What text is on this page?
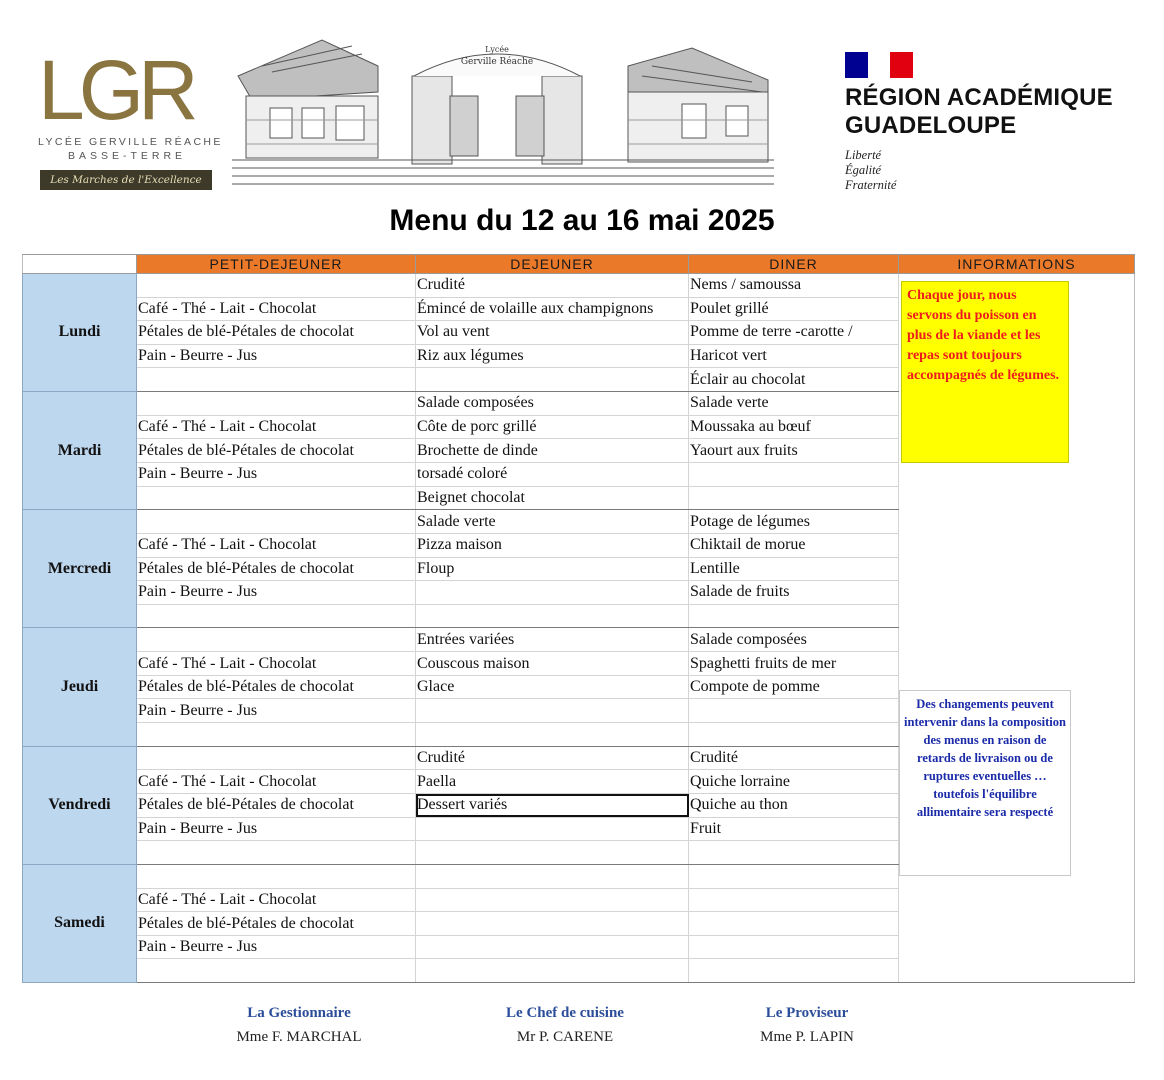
LGR
LYCÉE GERVILLE RÉACHE
BASSE-TERRE
Les Marches de l'Excellence
Lycée
Gerville Réache
RÉGION ACADÉMIQUE
GUADELOUPE
Liberté
Égalité
Fraternité
Menu du 12 au 16 mai 2025
	PETIT-DEJEUNER	DEJEUNER	DINER	INFORMATIONS
Lundi		Crudité	Nems / samoussa	Chaque jour, nous servons du poisson en plus de la viande et les repas sont toujours accompagnés de légumes.
Des changements peuvent intervenir dans la composition des menus en raison de retards de livraison ou de ruptures eventuelles … toutefois l'équilibre allimentaire sera respecté

	Café - Thé - Lait - Chocolat	Émincé de volaille aux champignons	Poulet grillé	
	Pétales de blé-Pétales de chocolat	Vol au vent	Pomme de terre -carotte /	
	Pain - Beurre - Jus	Riz aux légumes	Haricot vert	
			Éclair au chocolat	
Mardi		Salade composées	Salade verte	
	Café - Thé - Lait - Chocolat	Côte de porc grillé	Moussaka au bœuf	
	Pétales de blé-Pétales de chocolat	Brochette de dinde	Yaourt aux fruits	
	Pain - Beurre - Jus	torsadé coloré		
		Beignet chocolat		
Mercredi		Salade verte	Potage de légumes	
	Café - Thé - Lait - Chocolat	Pizza maison	Chiktail de morue	
	Pétales de blé-Pétales de chocolat	Floup	Lentille	
	Pain - Beurre - Jus		Salade de fruits	

Jeudi		Entrées variées	Salade composées	
	Café - Thé - Lait - Chocolat	Couscous maison	Spaghetti fruits de mer	
	Pétales de blé-Pétales de chocolat	Glace	Compote de pomme	
	Pain - Beurre - Jus			

Vendredi		Crudité	Crudité	
	Café - Thé - Lait - Chocolat	Paella	Quiche lorraine	
	Pétales de blé-Pétales de chocolat	Dessert variés	Quiche au thon	
	Pain - Beurre - Jus		Fruit	

Samedi				
	Café - Thé - Lait - Chocolat			
	Pétales de blé-Pétales de chocolat			
	Pain - Beurre - Jus			

La Gestionnaire
Mme F. MARCHAL
Le Chef de cuisine
Mr P. CARENE
Le Proviseur
Mme P. LAPIN
